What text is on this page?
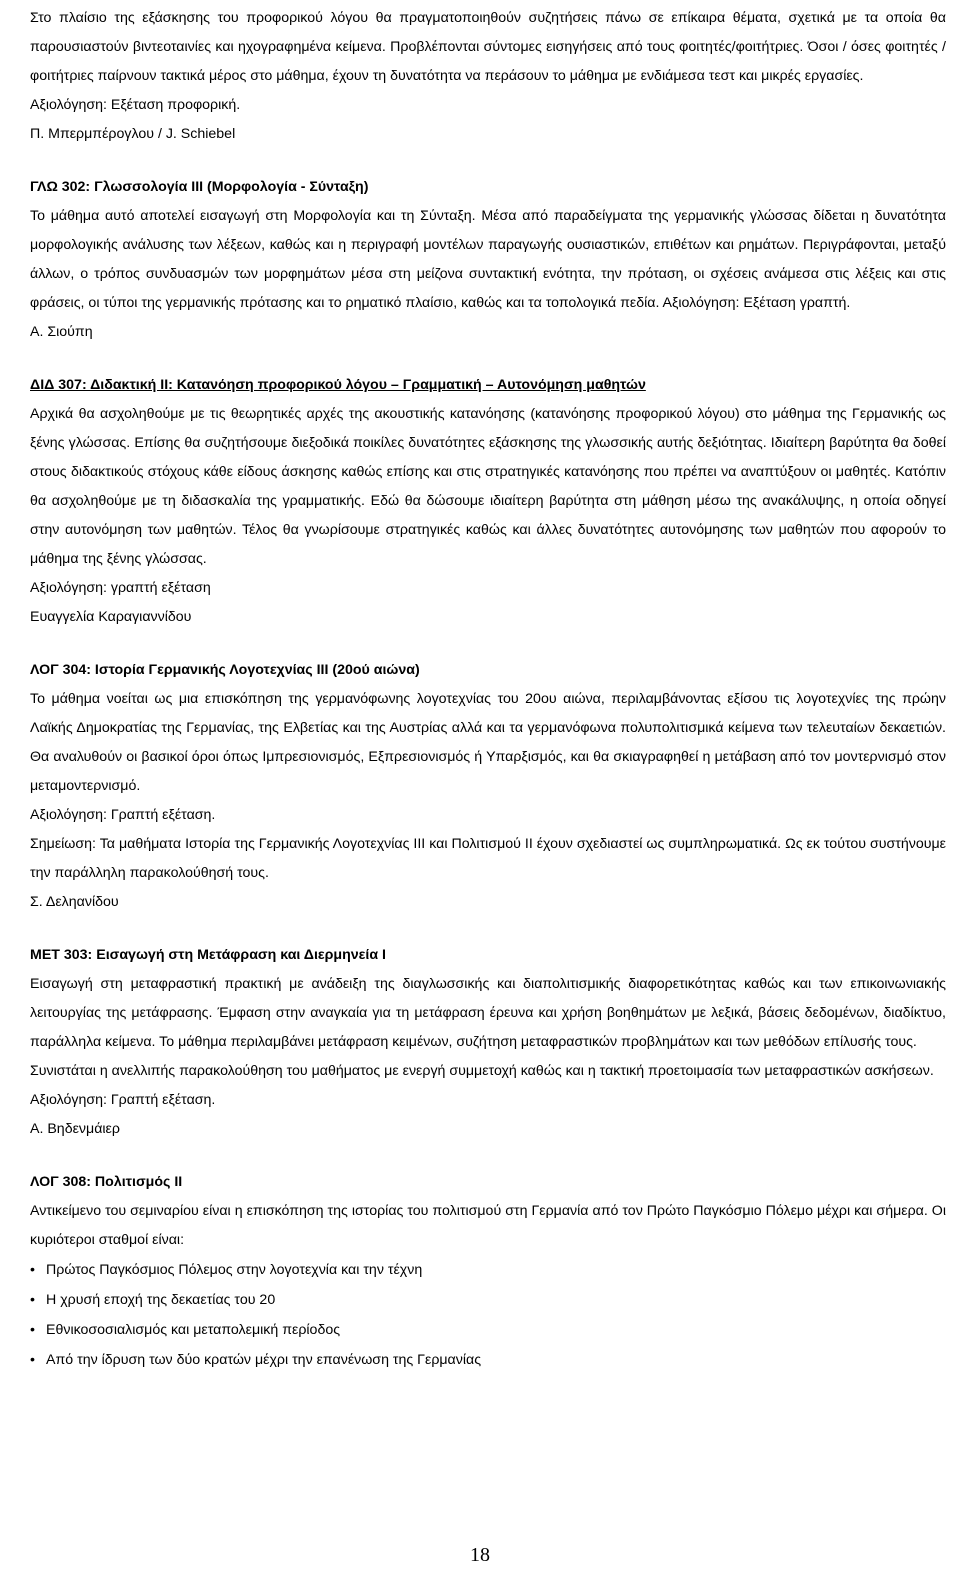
Στο πλαίσιο της εξάσκησης του προφορικού λόγου θα πραγματοποιηθούν συζητήσεις πάνω σε επίκαιρα θέματα, σχετικά με τα οποία θα παρουσιαστούν βιντεοταινίες και ηχογραφημένα κείμενα. Προβλέπονται σύντομες εισηγήσεις από τους φοιτητές/φοιτήτριες. Όσοι / όσες φοιτητές / φοιτήτριες παίρνουν τακτικά μέρος στο μάθημα, έχουν τη δυνατότητα να περάσουν το μάθημα με ενδιάμεσα τεστ και μικρές εργασίες.

Αξιολόγηση: Εξέταση προφορική.

Π. Μπερμπέρογλου / J. Schiebel

ΓΛΩ 302: Γλωσσολογία ΙΙΙ (Μορφολογία - Σύνταξη)

Το μάθημα αυτό αποτελεί εισαγωγή στη Μορφολογία και τη Σύνταξη. Μέσα από παραδείγματα της γερμανικής γλώσσας δίδεται η δυνατότητα μορφολογικής ανάλυσης των λέξεων, καθώς και η περιγραφή μοντέλων παραγωγής ουσιαστικών, επιθέτων και ρημάτων. Περιγράφονται, μεταξύ άλλων, ο τρόπος συνδυασμών των μορφημάτων μέσα στη μείζονα συντακτική ενότητα, την πρόταση, οι σχέσεις ανάμεσα στις λέξεις και στις φράσεις, οι τύποι της γερμανικής πρότασης και το ρηματικό πλαίσιο, καθώς και τα τοπολογικά πεδία. Αξιολόγηση: Εξέταση γραπτή.

Α. Σιούπη

ΔΙΔ 307: Διδακτική ΙΙ: Κατανόηση προφορικού λόγου – Γραμματική – Αυτονόμηση μαθητών

Αρχικά θα ασχοληθούμε με τις θεωρητικές αρχές της ακουστικής κατανόησης (κατανόησης προφορικού λόγου) στο μάθημα της Γερμανικής ως ξένης γλώσσας. Επίσης θα συζητήσουμε διεξοδικά ποικίλες δυνατότητες εξάσκησης της γλωσσικής αυτής δεξιότητας. Ιδιαίτερη βαρύτητα θα δοθεί στους διδακτικούς στόχους κάθε είδους άσκησης καθώς επίσης και στις στρατηγικές κατανόησης που πρέπει να αναπτύξουν οι μαθητές. Κατόπιν θα ασχοληθούμε με τη διδασκαλία της γραμματικής. Εδώ θα δώσουμε ιδιαίτερη βαρύτητα στη μάθηση μέσω της ανακάλυψης, η οποία οδηγεί στην αυτονόμηση των μαθητών. Τέλος θα γνωρίσουμε στρατηγικές καθώς και άλλες δυνατότητες αυτονόμησης των μαθητών που αφορούν το μάθημα της ξένης γλώσσας.

Αξιολόγηση: γραπτή εξέταση

Ευαγγελία Καραγιαννίδου

ΛΟΓ 304: Ιστορία Γερμανικής Λογοτεχνίας ΙΙΙ (20ού αιώνα)

Το μάθημα νοείται ως μια επισκόπηση της γερμανόφωνης λογοτεχνίας του 20ου αιώνα, περιλαμβάνοντας εξίσου τις λογοτεχνίες της πρώην Λαϊκής Δημοκρατίας της Γερμανίας, της Ελβετίας και της Αυστρίας αλλά και τα γερμανόφωνα πολυπολιτισμικά κείμενα των τελευταίων δεκαετιών. Θα αναλυθούν οι βασικοί όροι όπως Ιμπρεσιονισμός, Εξπρεσιονισμός ή Υπαρξισμός, και θα σκιαγραφηθεί η μετάβαση από τον μοντερνισμό στον μεταμοντερνισμό.

Αξιολόγηση: Γραπτή εξέταση.

Σημείωση: Τα μαθήματα Ιστορία της Γερμανικής Λογοτεχνίας ΙΙΙ και Πολιτισμού ΙΙ έχουν σχεδιαστεί ως συμπληρωματικά. Ως εκ τούτου συστήνουμε την παράλληλη παρακολούθησή τους.

Σ. Δεληανίδου

ΜΕΤ 303: Εισαγωγή στη Μετάφραση και Διερμηνεία Ι

Εισαγωγή στη μεταφραστική πρακτική με ανάδειξη της διαγλωσσικής και διαπολιτισμικής διαφορετικότητας καθώς και των επικοινωνιακής λειτουργίας της μετάφρασης. Έμφαση στην αναγκαία για τη μετάφραση έρευνα και χρήση βοηθημάτων με λεξικά, βάσεις δεδομένων, διαδίκτυο, παράλληλα κείμενα. Το μάθημα περιλαμβάνει μετάφραση κειμένων, συζήτηση μεταφραστικών προβλημάτων και των μεθόδων επίλυσής τους.

Συνιστάται η ανελλιπής παρακολούθηση του μαθήματος με ενεργή συμμετοχή καθώς και η τακτική προετοιμασία των μεταφραστικών ασκήσεων.

Αξιολόγηση: Γραπτή εξέταση.

Α. Βηδενμάιερ

ΛΟΓ 308: Πολιτισμός ΙΙ

Αντικείμενο του σεμιναρίου είναι η επισκόπηση της ιστορίας του πολιτισμού στη Γερμανία από τον Πρώτο Παγκόσμιο Πόλεμο μέχρι και σήμερα. Οι κυριότεροι σταθμοί είναι:

• Πρώτος Παγκόσμιος Πόλεμος στην λογοτεχνία και την τέχνη
• Η χρυσή εποχή της δεκαετίας του 20
• Εθνικοσοσιαλισμός και μεταπολεμική περίοδος
• Από την ίδρυση των δύο κρατών μέχρι την επανένωση της Γερμανίας
18
